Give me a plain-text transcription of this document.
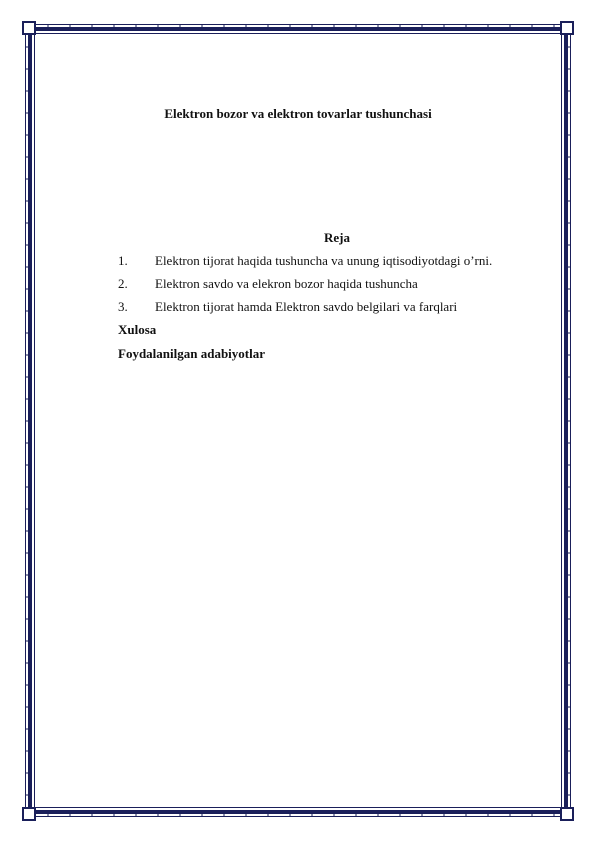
Elektron bozor va elektron tovarlar tushunchasi
Reja
1. Elektron tijorat haqida tushuncha va unung iqtisodiyotdagi o’rni.
2. Elektron savdo va elekron bozor haqida tushuncha
3. Elektron tijorat hamda Elektron savdo belgilari va farqlari
Xulosa
Foydalanilgan adabiyotlar
